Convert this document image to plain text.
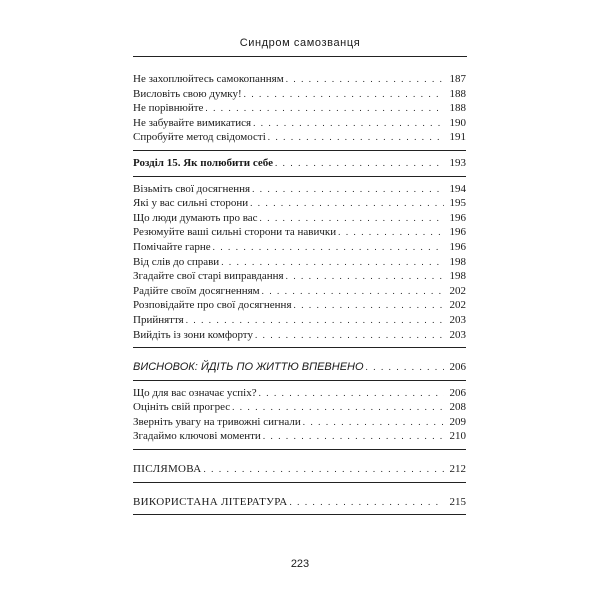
Синдром самозванця
Не захоплюйтесь самокопанням . . .	187
Висловіть свою думку! . . .	188
Не порівнюйте . . .	188
Не забувайте вимикатися . . .	190
Спробуйте метод свідомості . . .	191
Розділ 15. Як полюбити себе . . .	193
Візьміть свої досягнення . . .	194
Які у вас сильні сторони . . .	195
Що люди думають про вас . . .	196
Резюмуйте ваші сильні сторони та навички . . .	196
Помічайте гарне . . .	196
Від слів до справи . . .	198
Згадайте свої старі виправдання . . .	198
Радійте своїм досягненням . . .	202
Розповідайте про свої досягнення . . .	202
Прийняття . . .	203
Вийдіть із зони комфорту . . .	203
ВИСНОВОК: ЙДІТЬ ПО ЖИТТЮ ВПЕВНЕНО . . .	206
Що для вас означає успіх? . . .	206
Оцініть свій прогрес . . .	208
Зверніть увагу на тривожні сигнали . . .	209
Згадаймо ключові моменти . . .	210
ПІСЛЯМОВА . . .	212
ВИКОРИСТАНА ЛІТЕРАТУРА . . .	215
223
